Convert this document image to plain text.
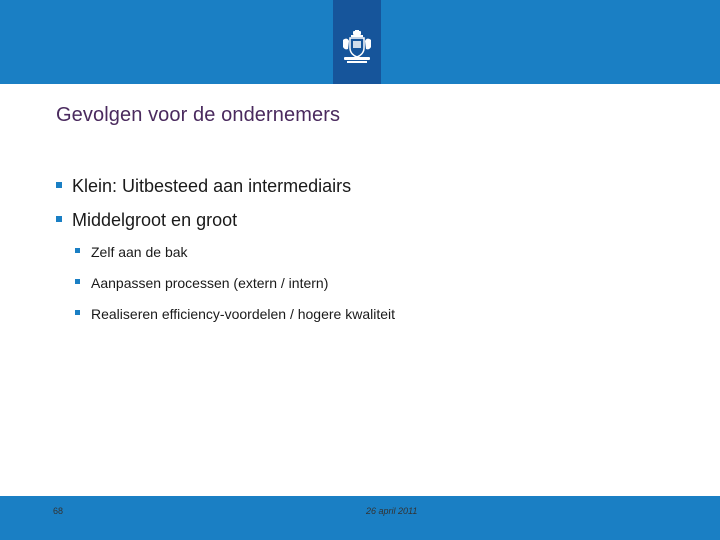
Gevolgen voor de ondernemers
Klein: Uitbesteed aan intermediairs
Middelgroot en groot
Zelf aan de bak
Aanpassen processen (extern / intern)
Realiseren efficiency-voordelen / hogere kwaliteit
68	26 april 2011
